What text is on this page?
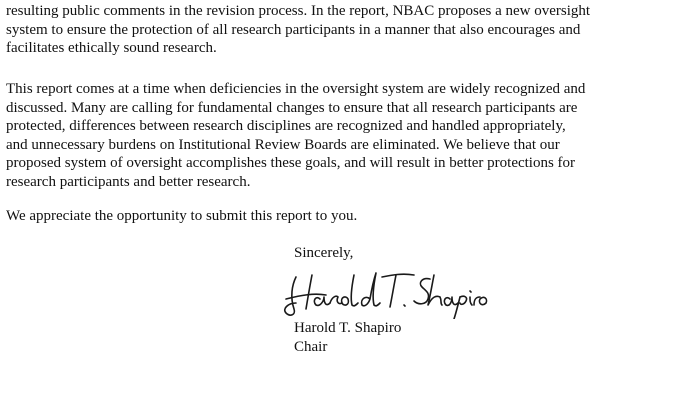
resulting public comments in the revision process. In the report, NBAC proposes a new oversight
system to ensure the protection of all research participants in a manner that also encourages and
facilitates ethically sound research.

This report comes at a time when deficiencies in the oversight system are widely recognized and
discussed. Many are calling for fundamental changes to ensure that all research participants are
protected, differences between research disciplines are recognized and handled appropriately,
and unnecessary burdens on Institutional Review Boards are eliminated. We believe that our
proposed system of oversight accomplishes these goals, and will result in better protections for
research participants and better research.

We appreciate the opportunity to submit this report to you.

Sincerely,

Harold T. Shapiro
Chair
